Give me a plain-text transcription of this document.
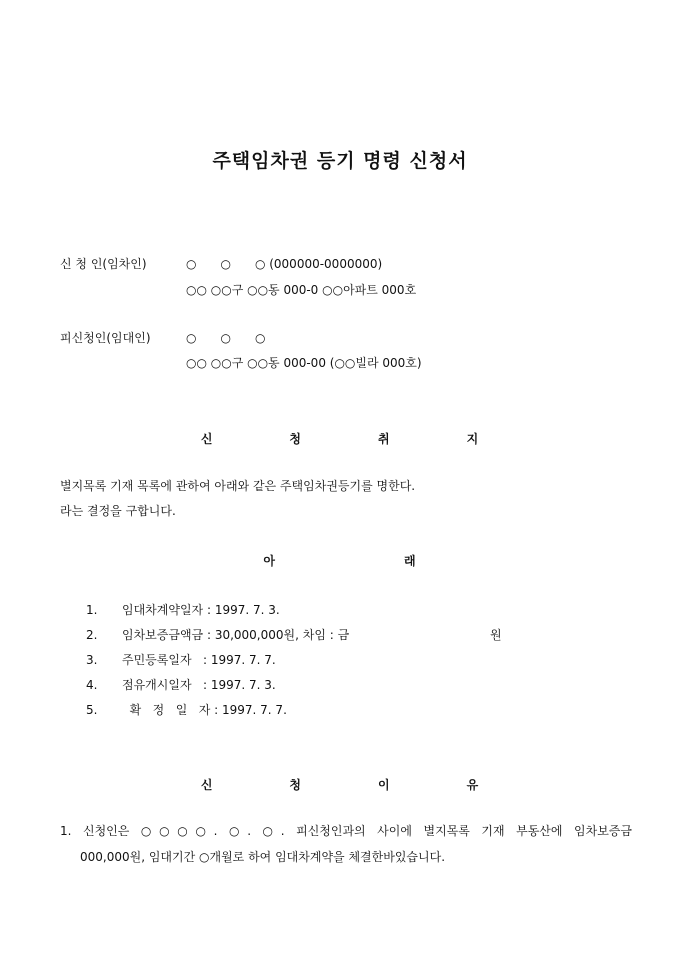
주택임차권 등기 명령 신청서
신 청 인(임차인)	○　　○　　○ (000000-0000000)
○○ ○○구 ○○동 000-0 ○○아파트 000호
피신청인(임대인)	○　　○　　○
○○ ○○구 ○○동 000-00 (○○빌라 000호)
신	청	취	지
별지목록 기재 목록에 관하여 아래와 같은 주택임차권등기를 명한다.
라는 결정을 구합니다.
아	래
1. 임대차계약일자 : 1997. 7. 3.
2. 임차보증금액금 : 30,000,000원, 차임 : 금	원
3. 주민등록일자   : 1997. 7. 7.
4. 점유개시일자   : 1997. 7. 3.
5.  확   정   일   자 : 1997. 7. 7.
신	청	이	유
1. 신청인은 ○○○○. ○. ○. 피신청인과의 사이에 별지목록 기재 부동산에 임차보증금
000,000원, 임대기간 ○개월로 하여 임대차계약을 체결한바있습니다.
